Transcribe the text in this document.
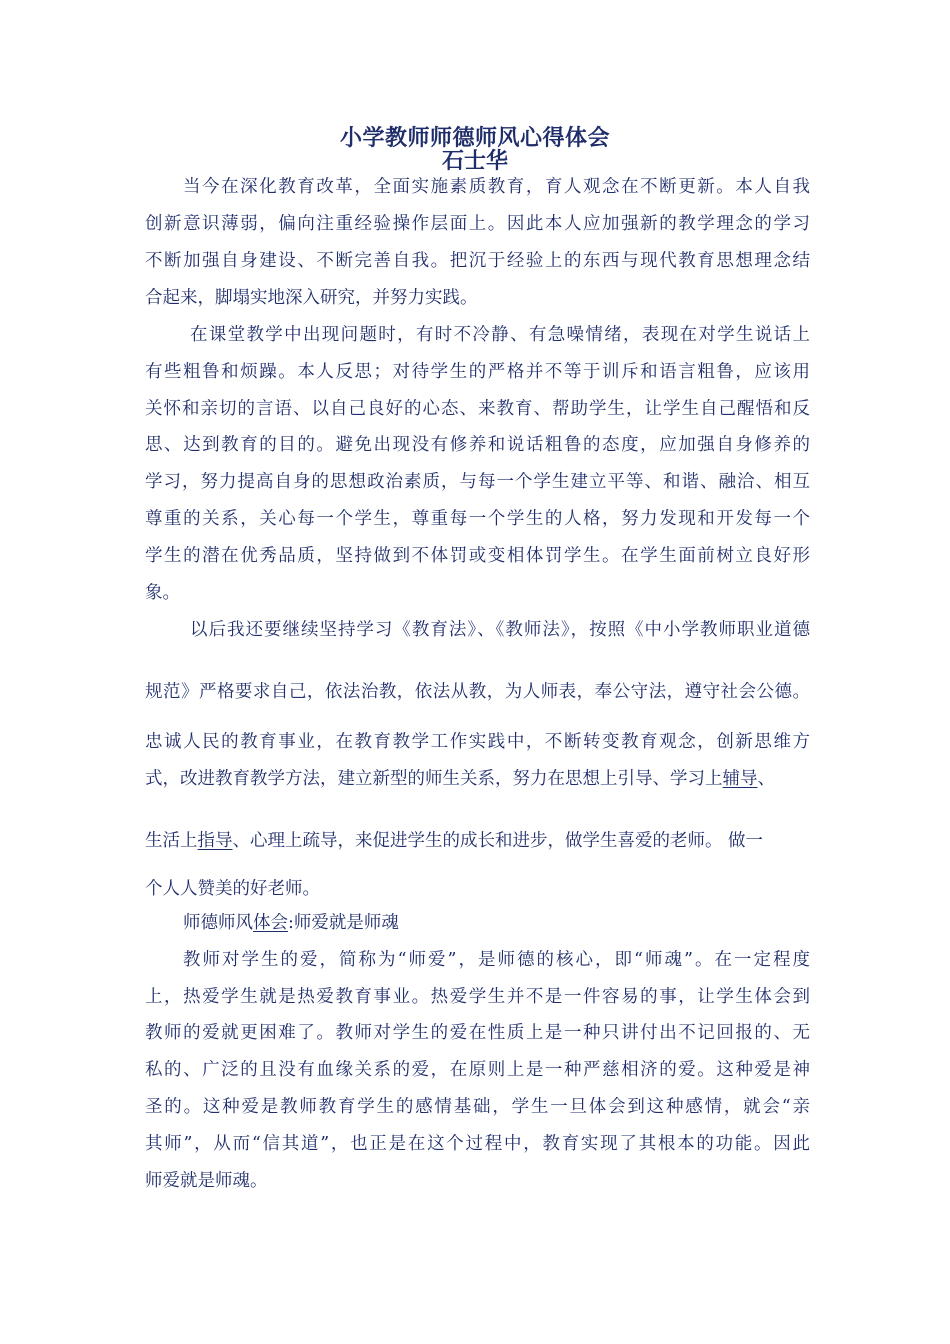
小学教师师德师风心得体会
石士华
当今在深化教育改革，全面实施素质教育，育人观念在不断更新。本人自我
创新意识薄弱，偏向注重经验操作层面上。因此本人应加强新的教学理念的学习
不断加强自身建设、不断完善自我。把沉于经验上的东西与现代教育思想理念结
合起来，脚塌实地深入研究，并努力实践。
在课堂教学中出现问题时，有时不冷静、有急噪情绪，表现在对学生说话上
有些粗鲁和烦躁。本人反思；对待学生的严格并不等于训斥和语言粗鲁，应该用
关怀和亲切的言语、以自己良好的心态、来教育、帮助学生，让学生自己醒悟和反
思、达到教育的目的。避免出现没有修养和说话粗鲁的态度，应加强自身修养的
学习，努力提高自身的思想政治素质，与每一个学生建立平等、和谐、融洽、相互
尊重的关系，关心每一个学生，尊重每一个学生的人格，努力发现和开发每一个
学生的潜在优秀品质，坚持做到不体罚或变相体罚学生。在学生面前树立良好形
象。
以后我还要继续坚持学习《教育法》、《教师法》，按照《中小学教师职业道德
规范》严格要求自己，依法治教，依法从教，为人师表，奉公守法，遵守社会公德。
忠诚人民的教育事业，在教育教学工作实践中，不断转变教育观念，创新思维方
式，改进教育教学方法，建立新型的师生关系，努力在思想上引导、学习上辅导、
生活上指导、心理上疏导，来促进学生的成长和进步，做学生喜爱的老师。 做一
个人人赞美的好老师。
师德师风体会:师爱就是师魂
教师对学生的爱，简称为“师爱”，是师德的核心，即“师魂”。在一定程度
上，热爱学生就是热爱教育事业。热爱学生并不是一件容易的事，让学生体会到
教师的爱就更困难了。教师对学生的爱在性质上是一种只讲付出不记回报的、无
私的、广泛的且没有血缘关系的爱，在原则上是一种严慈相济的爱。这种爱是神
圣的。这种爱是教师教育学生的感情基础，学生一旦体会到这种感情，就会“亲
其师”，从而“信其道”，也正是在这个过程中，教育实现了其根本的功能。因此
师爱就是师魂。
